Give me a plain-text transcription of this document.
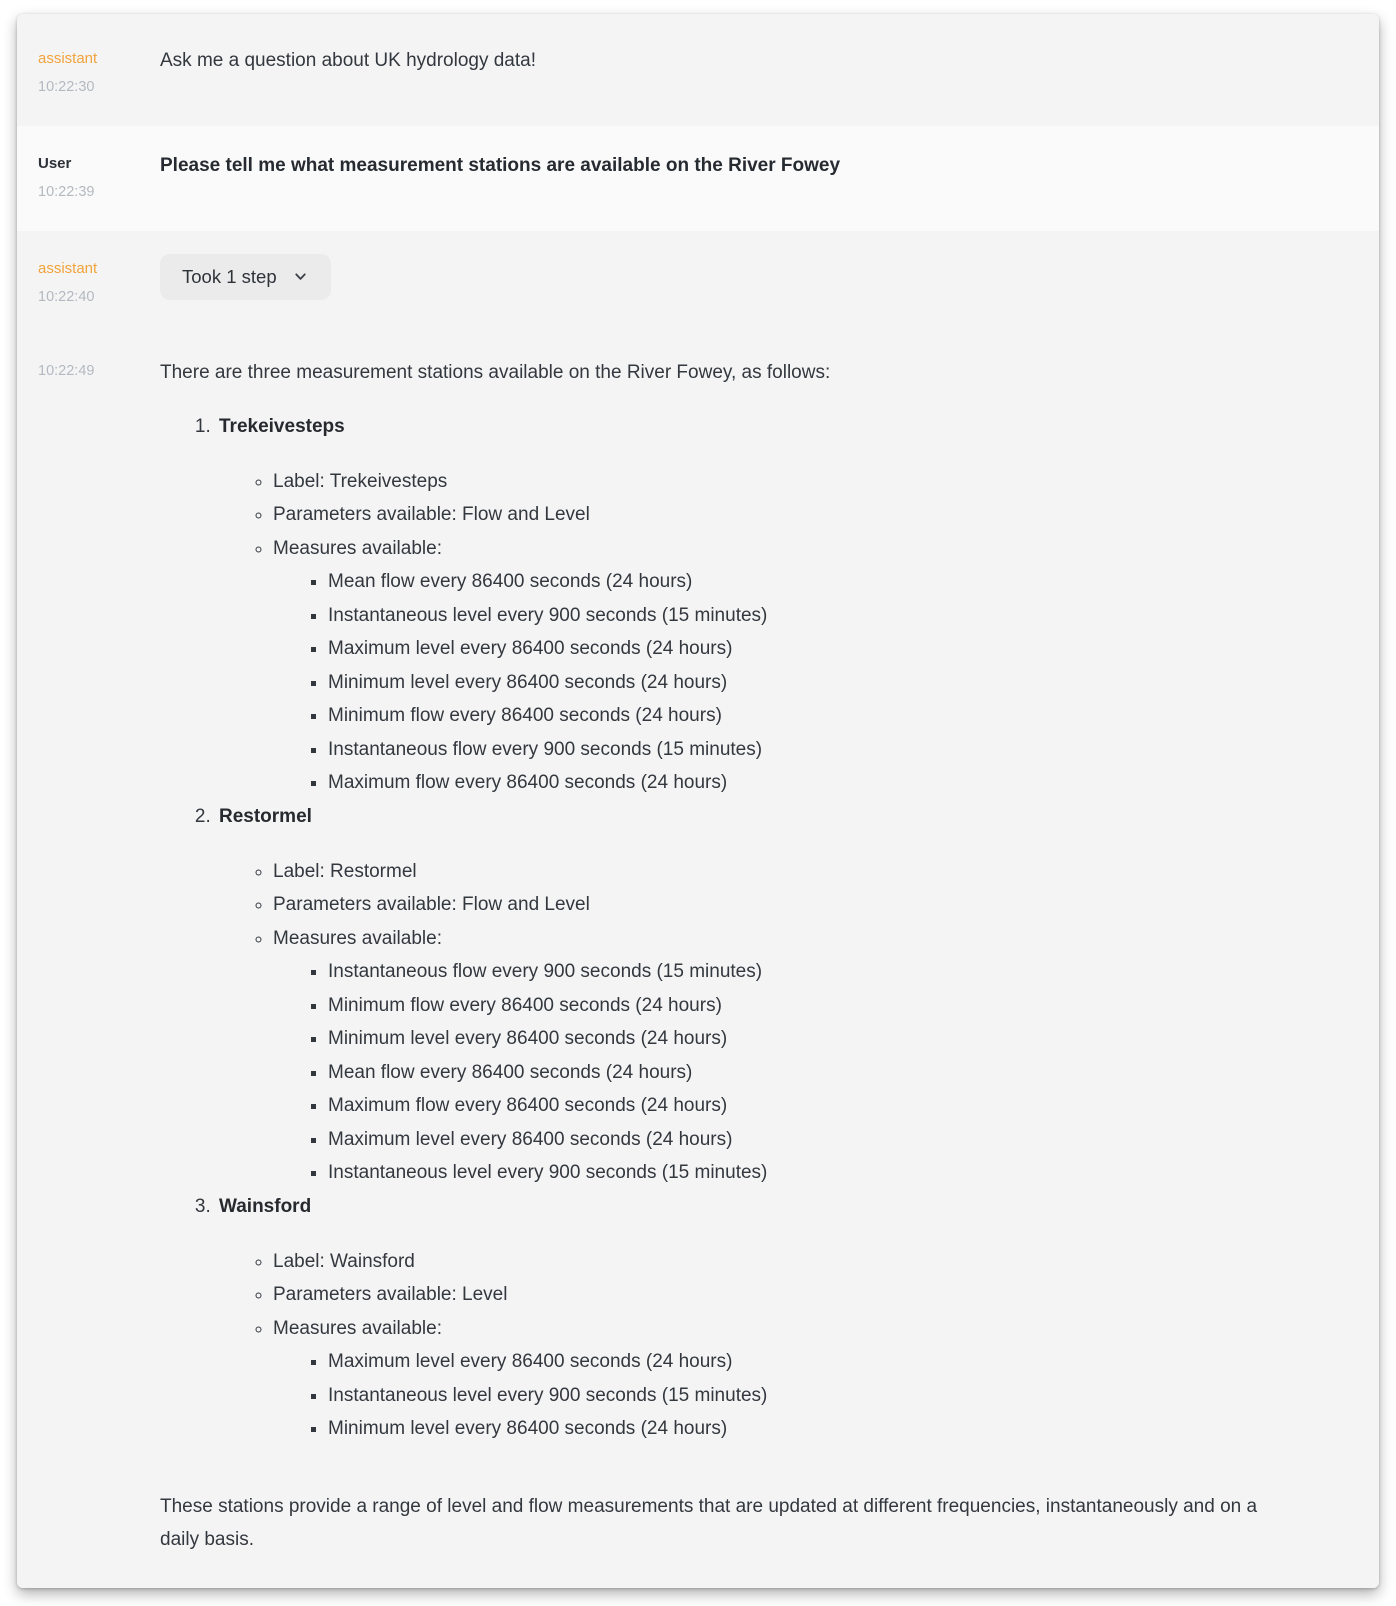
assistant
10:22:30

Ask me a question about UK hydrology data!

User
10:22:39

Please tell me what measurement stations are available on the River Fowey

assistant
10:22:40
Took 1 step
10:22:49	There are three measurement stations available on the River Fowey, as follows:

1. Trekeivesteps

◦ Label: Trekeivesteps
◦ Parameters available: Flow and Level
◦ Measures available:
▪ Mean flow every 86400 seconds (24 hours)
▪ Instantaneous level every 900 seconds (15 minutes)
▪ Maximum level every 86400 seconds (24 hours)
▪ Minimum level every 86400 seconds (24 hours)
▪ Minimum flow every 86400 seconds (24 hours)
▪ Instantaneous flow every 900 seconds (15 minutes)
▪ Maximum flow every 86400 seconds (24 hours)

2. Restormel

◦ Label: Restormel
◦ Parameters available: Flow and Level
◦ Measures available:
▪ Instantaneous flow every 900 seconds (15 minutes)
▪ Minimum flow every 86400 seconds (24 hours)
▪ Minimum level every 86400 seconds (24 hours)
▪ Mean flow every 86400 seconds (24 hours)
▪ Maximum flow every 86400 seconds (24 hours)
▪ Maximum level every 86400 seconds (24 hours)
▪ Instantaneous level every 900 seconds (15 minutes)

3. Wainsford

◦ Label: Wainsford
◦ Parameters available: Level
◦ Measures available:
▪ Maximum level every 86400 seconds (24 hours)
▪ Instantaneous level every 900 seconds (15 minutes)
▪ Minimum level every 86400 seconds (24 hours)

These stations provide a range of level and flow measurements that are updated at different frequencies, instantaneously and on a daily basis.
